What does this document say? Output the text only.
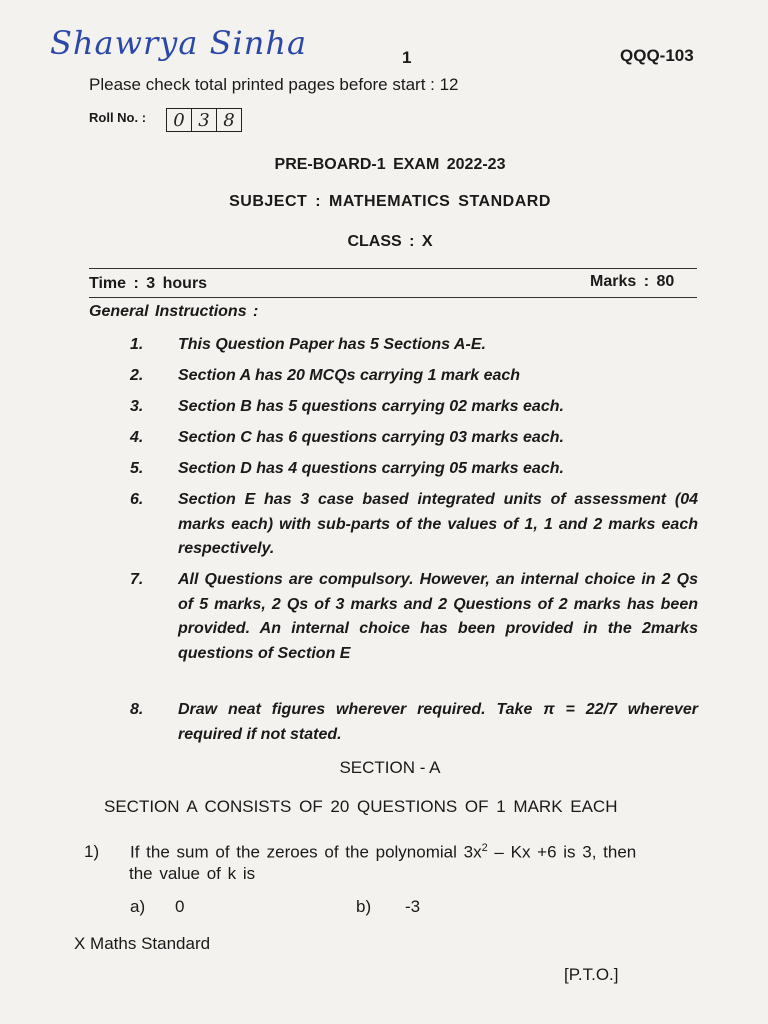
Shawrya Sinha	1	QQQ-103
Please check total printed pages before start : 12
Roll No. :	0 3 8
PRE-BOARD-1 EXAM 2022-23
SUBJECT : MATHEMATICS STANDARD
CLASS : X
Time : 3 hours	Marks : 80
General Instructions :
1.	This Question Paper has 5 Sections A-E.
2.	Section A has 20 MCQs carrying 1 mark each
3.	Section B has 5 questions carrying 02 marks each.
4.	Section C has 6 questions carrying 03 marks each.
5.	Section D has 4 questions carrying 05 marks each.
6.	Section E has 3 case based integrated units of assessment (04 marks each) with sub-parts of the values of 1, 1 and 2 marks each respectively.
7.	All Questions are compulsory. However, an internal choice in 2 Qs of 5 marks, 2 Qs of 3 marks and 2 Questions of 2 marks has been provided. An internal choice has been provided in the 2marks questions of Section E
8.	Draw neat figures wherever required. Take π = 22/7 wherever required if not stated.
SECTION - A
SECTION A CONSISTS OF 20 QUESTIONS OF 1 MARK EACH
1) If the sum of the zeroes of the polynomial $3x^2 - Kx +6$ is 3, then
the value of k is
a) 0	b) -3
X Maths Standard
[P.T.O.]
